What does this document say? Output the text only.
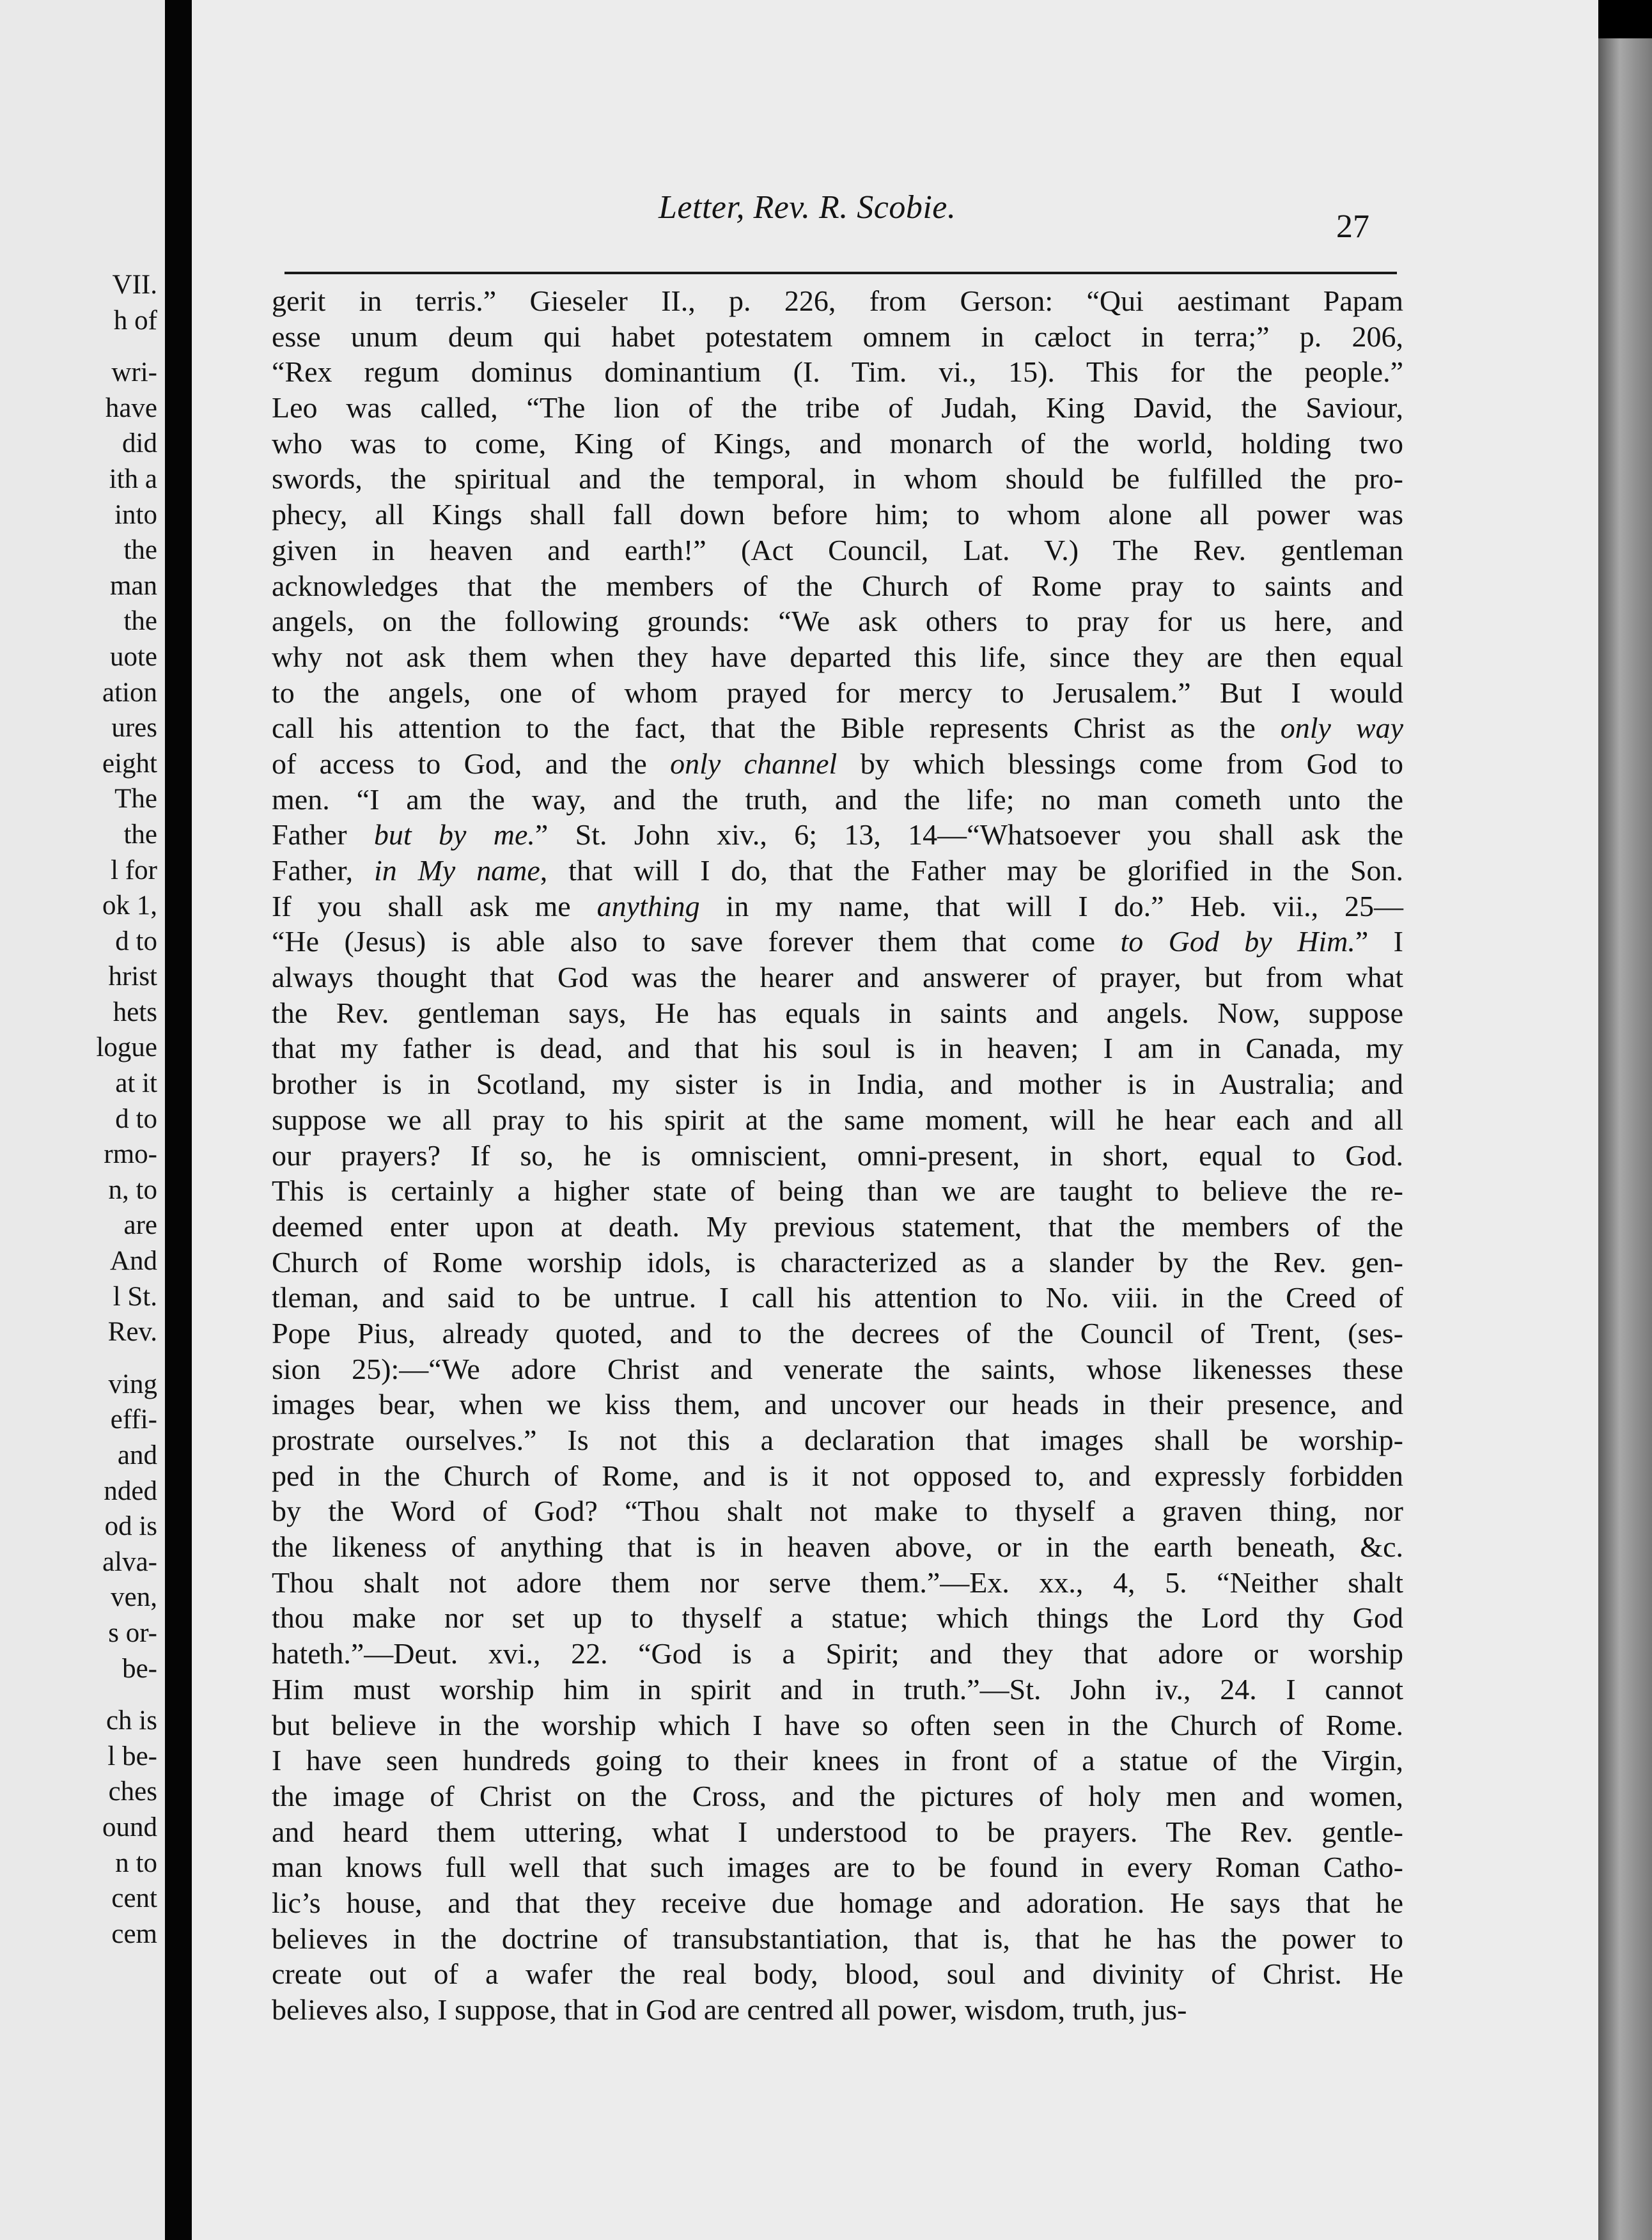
VII.
h of
wri-
have
did
ith a
into
the
man
the
uote
ation
ures
eight
The
the
l for
ok 1,
d to
hrist
hets
logue
at it
d to
rmo-
n, to
are
And
l St.
Rev.
ving
effi-
and
nded
od is
alva-
ven,
s or-
be-
ch is
l be-
ches
ound
n to
cent
cem
Letter, Rev. R. Scobie.
27
gerit in terris.” Gieseler II., p. 226, from Gerson: “Qui aestimant Papam
esse unum deum qui habet potestatem omnem in cæloct in terra;” p. 206,
“Rex regum dominus dominantium (I. Tim. vi., 15). This for the people.”
Leo was called, “The lion of the tribe of Judah, King David, the Saviour,
who was to come, King of Kings, and monarch of the world, holding two
swords, the spiritual and the temporal, in whom should be fulfilled the pro-
phecy, all Kings shall fall down before him; to whom alone all power was
given in heaven and earth!” (Act Council, Lat. V.) The Rev. gentleman
acknowledges that the members of the Church of Rome pray to saints and
angels, on the following grounds: “We ask others to pray for us here, and
why not ask them when they have departed this life, since they are then equal
to the angels, one of whom prayed for mercy to Jerusalem.” But I would
call his attention to the fact, that the Bible represents Christ as the only way
of access to God, and the only channel by which blessings come from God to
men. “I am the way, and the truth, and the life; no man cometh unto the
Father but by me.” St. John xiv., 6; 13, 14—“Whatsoever you shall ask the
Father, in My name, that will I do, that the Father may be glorified in the Son.
If you shall ask me anything in my name, that will I do.” Heb. vii., 25—
“He (Jesus) is able also to save forever them that come to God by Him.” I
always thought that God was the hearer and answerer of prayer, but from what
the Rev. gentleman says, He has equals in saints and angels. Now, suppose
that my father is dead, and that his soul is in heaven; I am in Canada, my
brother is in Scotland, my sister is in India, and mother is in Australia; and
suppose we all pray to his spirit at the same moment, will he hear each and all
our prayers? If so, he is omniscient, omni-present, in short, equal to God.
This is certainly a higher state of being than we are taught to believe the re-
deemed enter upon at death. My previous statement, that the members of the
Church of Rome worship idols, is characterized as a slander by the Rev. gen-
tleman, and said to be untrue. I call his attention to No. viii. in the Creed of
Pope Pius, already quoted, and to the decrees of the Council of Trent, (ses-
sion 25):—“We adore Christ and venerate the saints, whose likenesses these
images bear, when we kiss them, and uncover our heads in their presence, and
prostrate ourselves.” Is not this a declaration that images shall be worship-
ped in the Church of Rome, and is it not opposed to, and expressly forbidden
by the Word of God? “Thou shalt not make to thyself a graven thing, nor
the likeness of anything that is in heaven above, or in the earth beneath, &c.
Thou shalt not adore them nor serve them.”—Ex. xx., 4, 5. “Neither shalt
thou make nor set up to thyself a statue; which things the Lord thy God
hateth.”—Deut. xvi., 22. “God is a Spirit; and they that adore or worship
Him must worship him in spirit and in truth.”—St. John iv., 24. I cannot
but believe in the worship which I have so often seen in the Church of Rome.
I have seen hundreds going to their knees in front of a statue of the Virgin,
the image of Christ on the Cross, and the pictures of holy men and women,
and heard them uttering, what I understood to be prayers. The Rev. gentle-
man knows full well that such images are to be found in every Roman Catho-
lic’s house, and that they receive due homage and adoration. He says that he
believes in the doctrine of transubstantiation, that is, that he has the power to
create out of a wafer the real body, blood, soul and divinity of Christ. He
believes also, I suppose, that in God are centred all power, wisdom, truth, jus-
